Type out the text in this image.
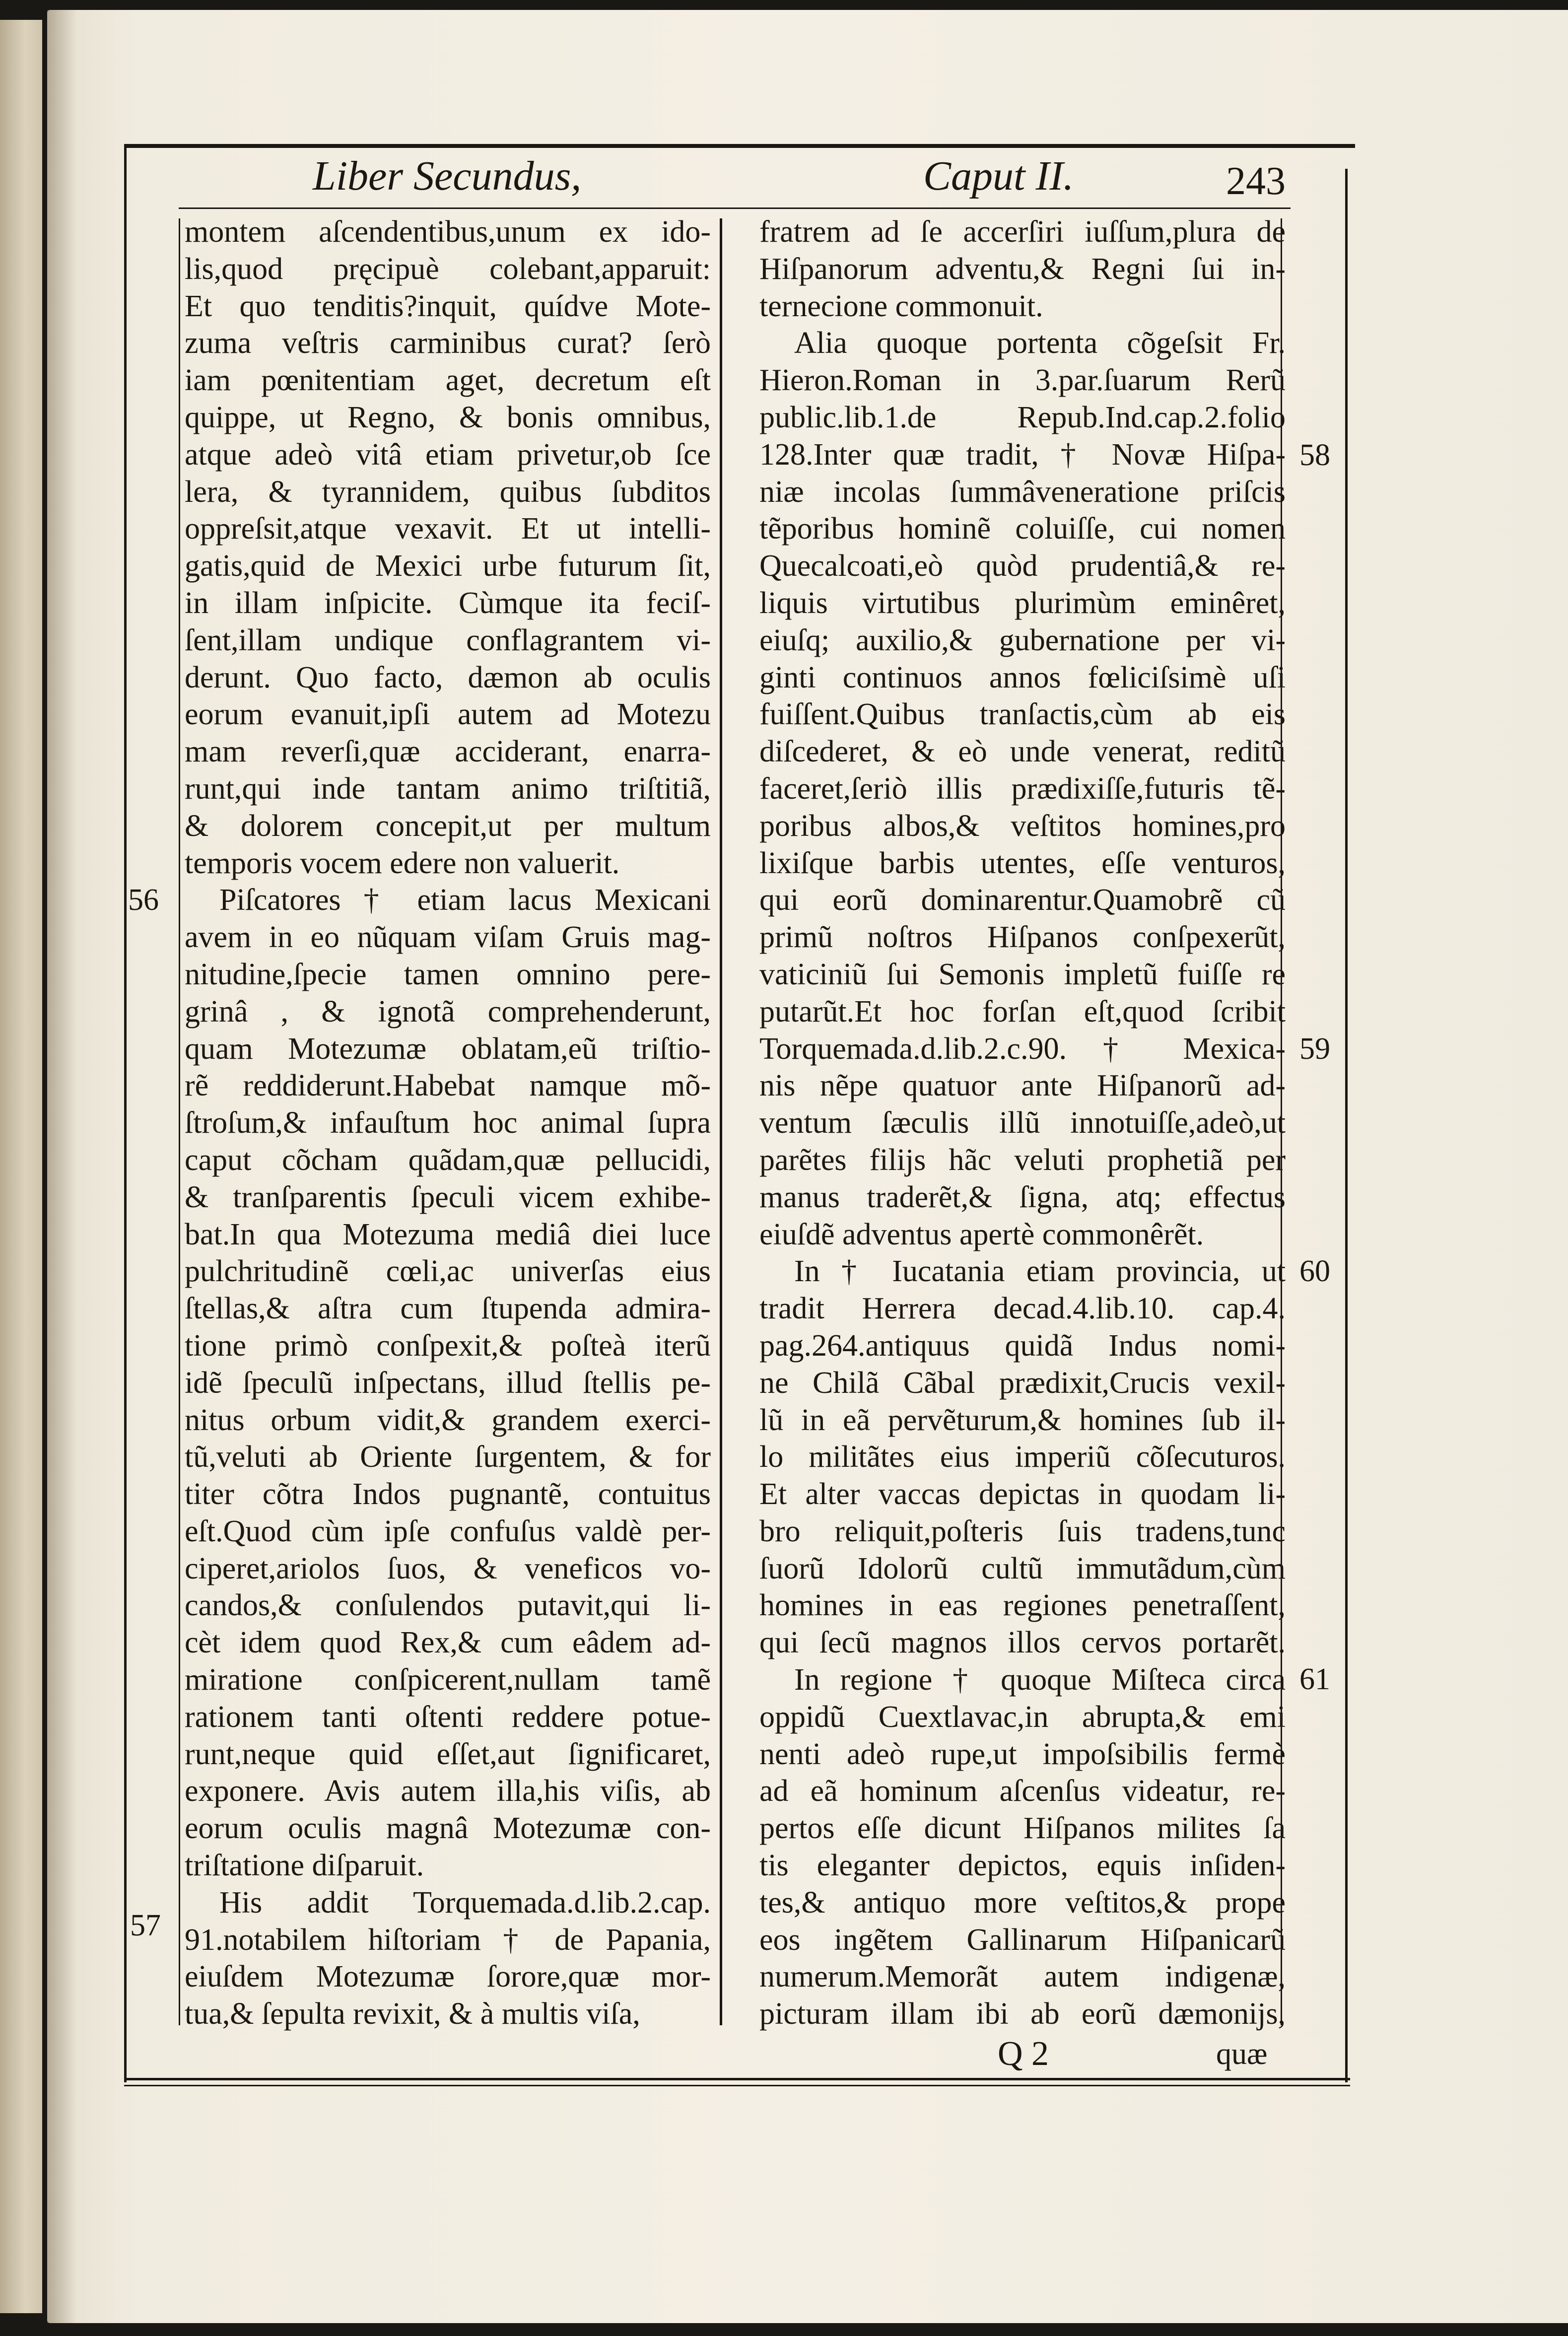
Liber Secundus,	Caput II.	243
montem aſcendentibus,unum ex ido-
lis,quod pręcipuè colebant,apparuit:
Et quo tenditis?inquit, quídve Mote-
zuma veſtris carminibus curat? ſerò
iam pœnitentiam aget, decretum eſt
quippe, ut Regno, & bonis omnibus,
atque adeò vitâ etiam privetur,ob ſce
lera, & tyrannidem, quibus ſubditos
oppreſsit,atque vexavit. Et ut intelli-
gatis,quid de Mexici urbe futurum ſit,
in illam inſpicite. Cùmque ita feciſ-
ſent,illam undique conflagrantem vi-
derunt. Quo facto, dæmon ab oculis
eorum evanuit,ipſi autem ad Motezu
mam reverſi,quæ acciderant, enarra-
runt,qui inde tantam animo triſtitiã,
& dolorem concepit,ut per multum
temporis vocem edere non valuerit.
Piſcatores † etiam lacus Mexicani
avem in eo nũquam viſam Gruis mag-
nitudine,ſpecie tamen omnino pere-
grinâ , & ignotã comprehenderunt,
quam Motezumæ oblatam,eũ triſtio-
rẽ reddiderunt.Habebat namque mõ-
ſtroſum,& infauſtum hoc animal ſupra
caput cõcham quãdam,quæ pellucidi,
& tranſparentis ſpeculi vicem exhibe-
bat.In qua Motezuma mediâ diei luce
pulchritudinẽ cœli,ac univerſas eius
ſtellas,& aſtra cum ſtupenda admira-
tione primò conſpexit,& poſteà iterũ
idẽ ſpeculũ inſpectans, illud ſtellis pe-
nitus orbum vidit,& grandem exerci-
tũ,veluti ab Oriente ſurgentem, & for
titer cõtra Indos pugnantẽ, contuitus
eſt.Quod cùm ipſe confuſus valdè per-
ciperet,ariolos ſuos, & veneficos vo-
candos,& conſulendos putavit,qui li-
cèt idem quod Rex,& cum eâdem ad-
miratione conſpicerent,nullam tamẽ
rationem tanti oſtenti reddere potue-
runt,neque quid eſſet,aut ſignificaret,
exponere. Avis autem illa,his viſis, ab
eorum oculis magnâ Motezumæ con-
triſtatione diſparuit.
His addit Torquemada.d.lib.2.cap.
91.notabilem hiſtoriam † de Papania,
eiuſdem Motezumæ ſorore,quæ mor-
tua,& ſepulta revixit, & à multis viſa,
fratrem ad ſe accerſiri iuſſum,plura de
Hiſpanorum adventu,& Regni ſui in-
ternecione commonuit.
Alia quoque portenta cõgeſsit Fr.
Hieron.Roman in 3.par.ſuarum Rerũ
public.lib.1.de Repub.Ind.cap.2.folio
128.Inter quæ tradit, † Novæ Hiſpa-
niæ incolas ſummâveneratione priſcis
tẽporibus hominẽ coluiſſe, cui nomen
Quecalcoati,eò quòd prudentiâ,& re-
liquis virtutibus plurimùm eminêret,
eiuſq; auxilio,& gubernatione per vi-
ginti continuos annos fœliciſsimè uſi
fuiſſent.Quibus tranſactis,cùm ab eis
diſcederet, & eò unde venerat, reditũ
faceret,ſeriò illis prædixiſſe,futuris tẽ-
poribus albos,& veſtitos homines,pro
lixiſque barbis utentes, eſſe venturos,
qui eorũ dominarentur.Quamobrẽ cũ
primũ noſtros Hiſpanos conſpexerũt,
vaticiniũ ſui Semonis impletũ fuiſſe re
putarũt.Et hoc forſan eſt,quod ſcribit
Torquemada.d.lib.2.c.90. † Mexica-
nis nẽpe quatuor ante Hiſpanorũ ad-
ventum ſæculis illũ innotuiſſe,adeò,ut
parẽtes filijs hãc veluti prophetiã per
manus traderẽt,& ſigna, atq; effectus
eiuſdẽ adventus apertè commonêrẽt.
In † Iucatania etiam provincia, ut
tradit Herrera decad.4.lib.10. cap.4.
pag.264.antiquus quidã Indus nomi-
ne Chilã Cãbal prædixit,Crucis vexil-
lũ in eã pervẽturum,& homines ſub il-
lo militãtes eius imperiũ cõſecuturos.
Et alter vaccas depictas in quodam li-
bro reliquit,poſteris ſuis tradens,tunc
ſuorũ Idolorũ cultũ immutãdum,cùm
homines in eas regiones penetraſſent,
qui ſecũ magnos illos cervos portarẽt.
In regione † quoque Miſteca circa
oppidũ Cuextlavac,in abrupta,& emi
nenti adeò rupe,ut impoſsibilis fermè
ad eã hominum aſcenſus videatur, re-
pertos eſſe dicunt Hiſpanos milites ſa
tis eleganter depictos, equis inſiden-
tes,& antiquo more veſtitos,& prope
eos ingẽtem Gallinarum Hiſpanicarũ
numerum.Memorãt autem indigenæ,
picturam illam ibi ab eorũ dæmonijs,
56
57
58
59
60
61
Q 2	quæ
